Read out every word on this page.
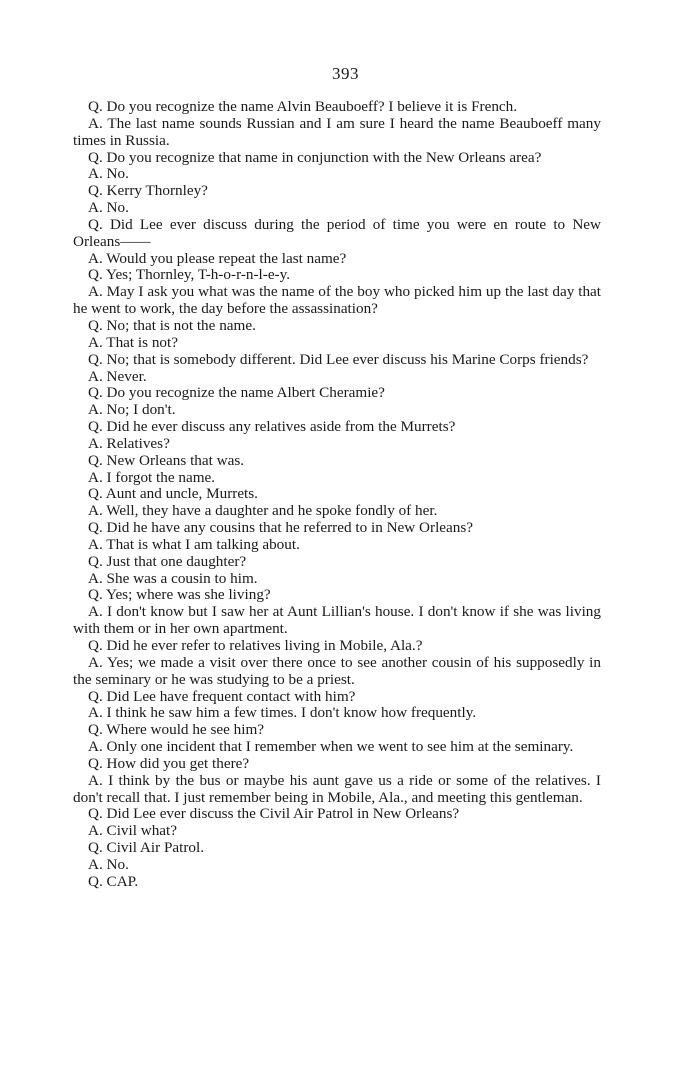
393

Q. Do you recognize the name Alvin Beauboeff? I believe it is French.

A. The last name sounds Russian and I am sure I heard the name Beauboeff many times in Russia.

Q. Do you recognize that name in conjunction with the New Orleans area?

A. No.

Q. Kerry Thornley?

A. No.

Q. Did Lee ever discuss during the period of time you were en route to New Orleans——

A. Would you please repeat the last name?

Q. Yes; Thornley, T-h-o-r-n-l-e-y.

A. May I ask you what was the name of the boy who picked him up the last day that he went to work, the day before the assassination?

Q. No; that is not the name.

A. That is not?

Q. No; that is somebody different. Did Lee ever discuss his Marine Corps friends?

A. Never.

Q. Do you recognize the name Albert Cheramie?

A. No; I don't.

Q. Did he ever discuss any relatives aside from the Murrets?

A. Relatives?

Q. New Orleans that was.

A. I forgot the name.

Q. Aunt and uncle, Murrets.

A. Well, they have a daughter and he spoke fondly of her.

Q. Did he have any cousins that he referred to in New Orleans?

A. That is what I am talking about.

Q. Just that one daughter?

A. She was a cousin to him.

Q. Yes; where was she living?

A. I don't know but I saw her at Aunt Lillian's house. I don't know if she was living with them or in her own apartment.

Q. Did he ever refer to relatives living in Mobile, Ala.?

A. Yes; we made a visit over there once to see another cousin of his supposedly in the seminary or he was studying to be a priest.

Q. Did Lee have frequent contact with him?

A. I think he saw him a few times. I don't know how frequently.

Q. Where would he see him?

A. Only one incident that I remember when we went to see him at the seminary.

Q. How did you get there?

A. I think by the bus or maybe his aunt gave us a ride or some of the relatives. I don't recall that. I just remember being in Mobile, Ala., and meeting this gentleman.

Q. Did Lee ever discuss the Civil Air Patrol in New Orleans?

A. Civil what?

Q. Civil Air Patrol.

A. No.

Q. CAP.
